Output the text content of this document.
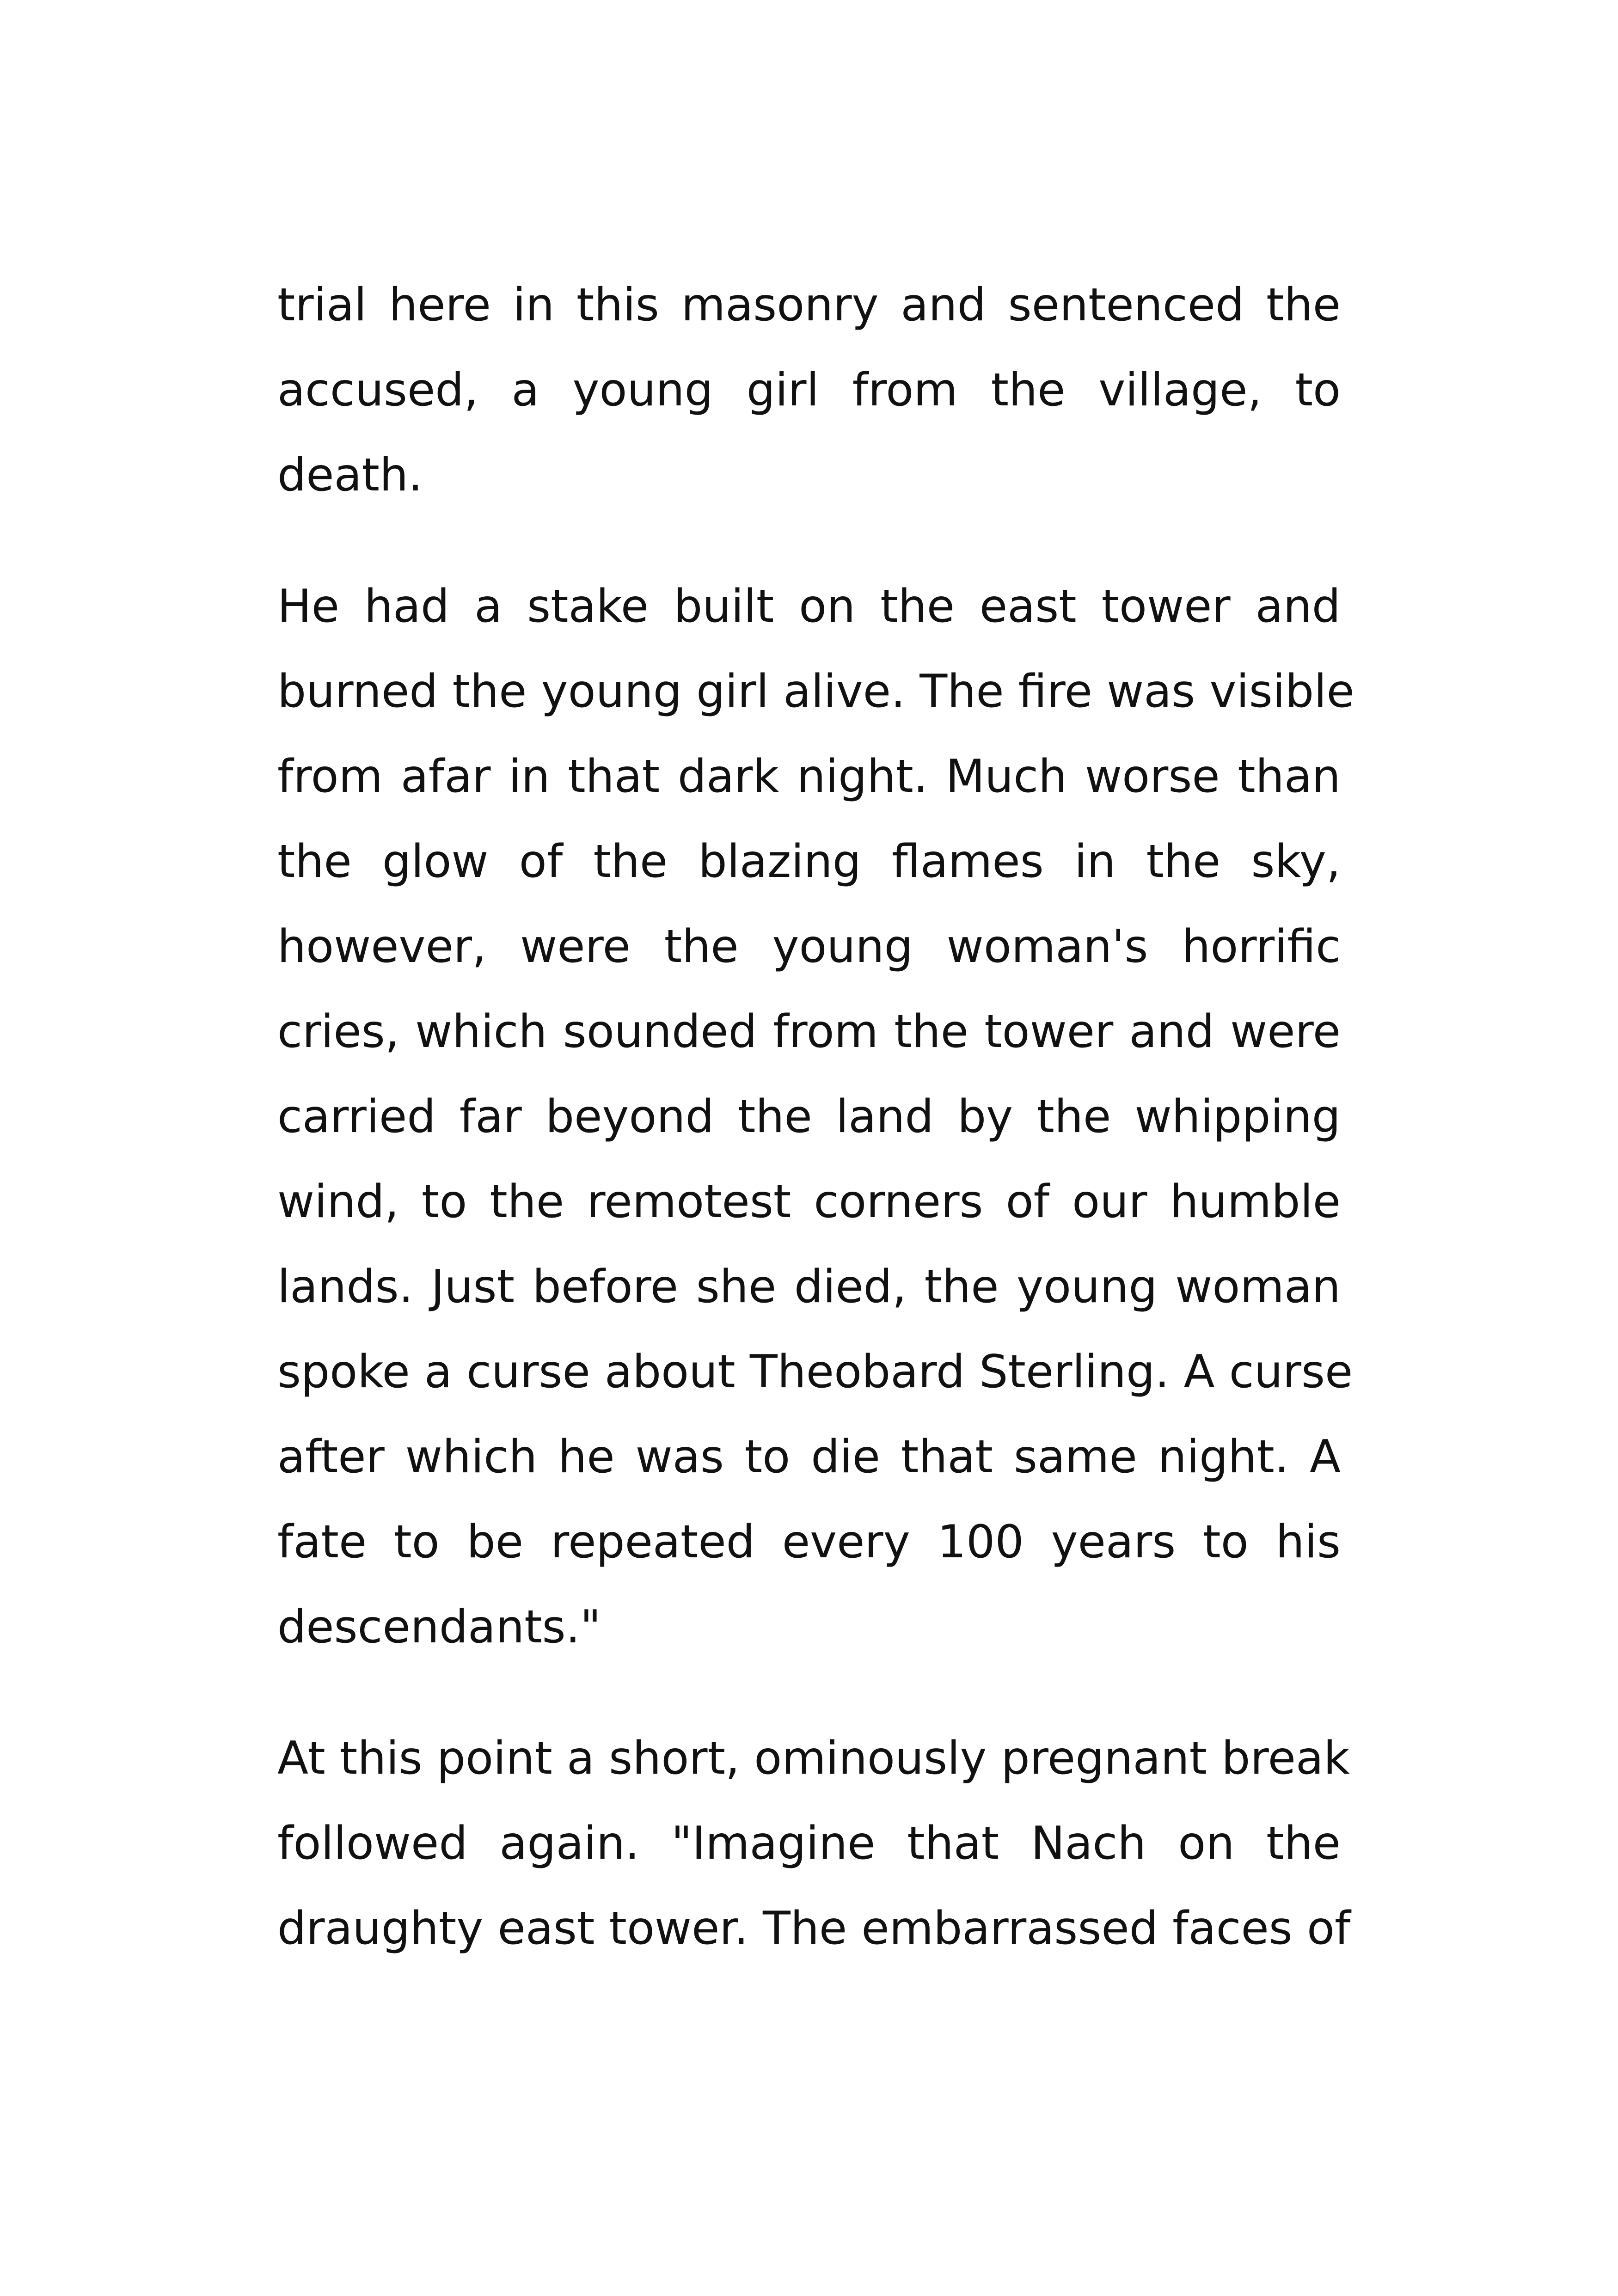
trial here in this masonry and sentenced the
accused, a young girl from the village, to
death.
He had a stake built on the east tower and
burned the young girl alive. The fire was visible
from afar in that dark night. Much worse than
the glow of the blazing flames in the sky,
however, were the young woman's horrific
cries, which sounded from the tower and were
carried far beyond the land by the whipping
wind, to the remotest corners of our humble
lands. Just before she died, the young woman
spoke a curse about Theobard Sterling. A curse
after which he was to die that same night. A
fate to be repeated every 100 years to his
descendants."
At this point a short, ominously pregnant break
followed again. "Imagine that Nach on the
draughty east tower. The embarrassed faces of
